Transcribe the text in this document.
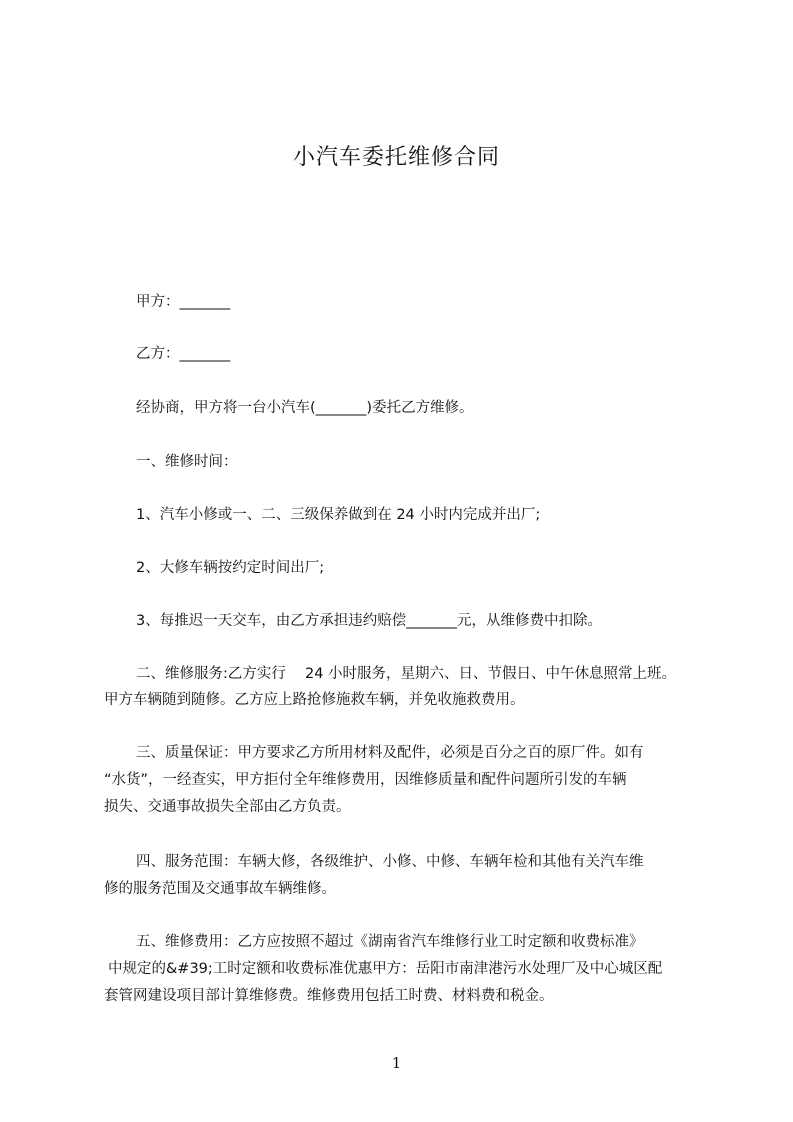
小汽车委托维修合同
甲方：_______
乙方：_______
经协商，甲方将一台小汽车(_______)委托乙方维修。
一、维修时间：
1、汽车小修或一、二、三级保养做到在 24 小时内完成并出厂;
2、大修车辆按约定时间出厂;
3、每推迟一天交车，由乙方承担违约赔偿_______元，从维修费中扣除。
二、维修服务:乙方实行　 24 小时服务，星期六、日、节假日、中午休息照常上班。
甲方车辆随到随修。乙方应上路抢修施救车辆，并免收施救费用。
三、质量保证：甲方要求乙方所用材料及配件，必须是百分之百的原厂件。如有
“水货”，一经查实，甲方拒付全年维修费用，因维修质量和配件问题所引发的车辆
损失、交通事故损失全部由乙方负责。
四、服务范围：车辆大修，各级维护、小修、中修、车辆年检和其他有关汽车维
修的服务范围及交通事故车辆维修。
五、维修费用：乙方应按照不超过《湖南省汽车维修行业工时定额和收费标准》
中规定的&#39;工时定额和收费标准优惠甲方：岳阳市南津港污水处理厂及中心城区配
套管网建设项目部计算维修费。维修费用包括工时费、材料费和税金。
1
